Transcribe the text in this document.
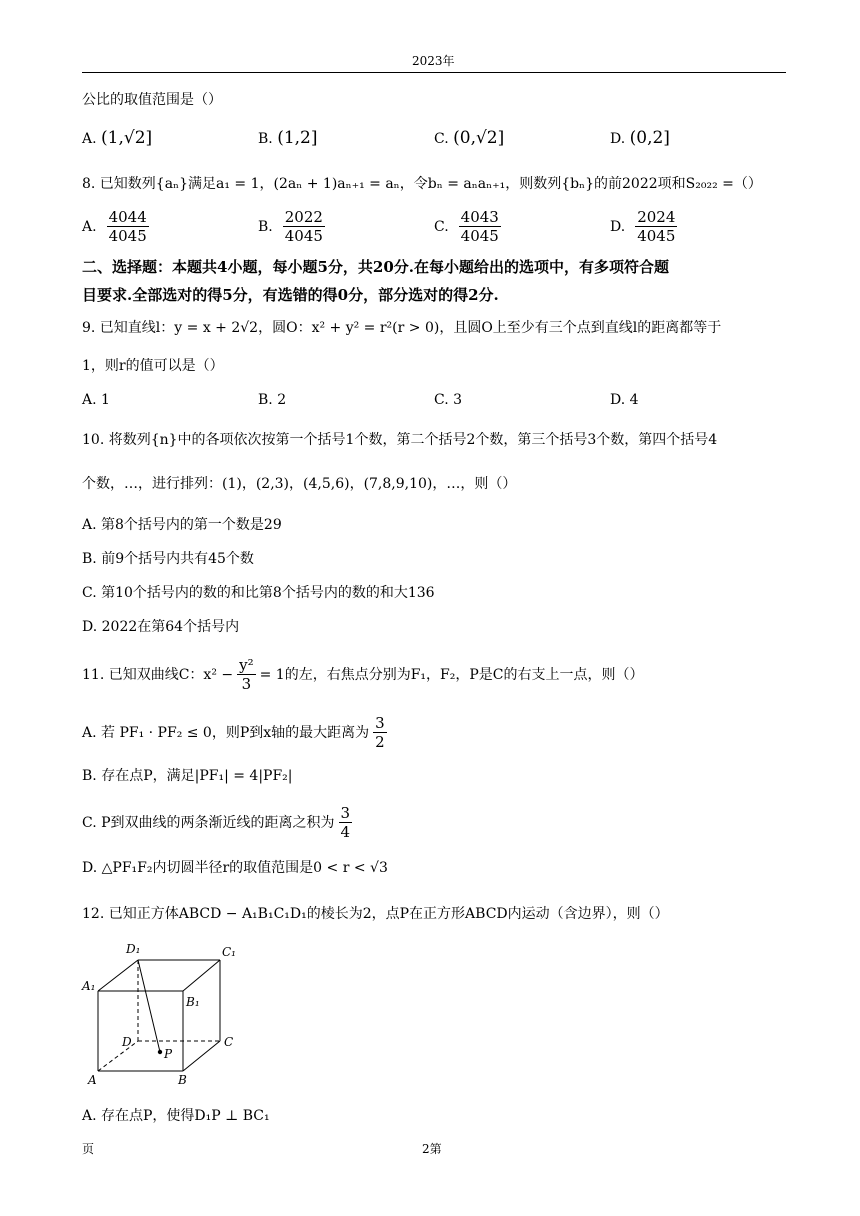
2023年
公比的取值范围是（）
A. (1,√2]	B. (1,2]	C. (0,√2]	D. (0,2]
8. 已知数列{aₙ}满足a₁ = 1，(2aₙ + 1)aₙ₊₁ = aₙ，令bₙ = aₙaₙ₊₁，则数列{bₙ}的前2022项和S₂₀₂₂ =（）
A. $\frac{4044}{4045}$	B. $\frac{2022}{4045}$	C. $\frac{4043}{4045}$	D. $\frac{2024}{4045}$
二、选择题：本题共4小题，每小题5分，共20分.在每小题给出的选项中，有多项符合题
目要求.全部选对的得5分，有选错的得0分，部分选对的得2分.
9. 已知直线l：y = x + 2√2，圆O：x² + y² = r²(r > 0)，且圆O上至少有三个点到直线l的距离都等于
1，则r的值可以是（）
A. 1	B. 2	C. 3	D. 4
10. 将数列{n}中的各项依次按第一个括号1个数，第二个括号2个数，第三个括号3个数，第四个括号4
个数，…，进行排列：(1)，(2,3)，(4,5,6)，(7,8,9,10)，…，则（）
A. 第8个括号内的第一个数是29
B. 前9个括号内共有45个数
C. 第10个括号内的数的和比第8个括号内的数的和大136
D. 2022在第64个括号内
11. 已知双曲线C：$x^2 - \frac{\text{y²}}{3} = 1$的左，右焦点分别为F₁，F₂，P是C的右支上一点，则（）
A. 若 PF₁ · PF₂ ≤ 0，则P到x轴的最大距离为 $\frac{3}{2}$
B. 存在点P，满足|PF₁| = 4|PF₂|
C. P到双曲线的两条渐近线的距离之积为 $\frac{3}{4}$
D. △PF₁F₂内切圆半径r的取值范围是0 < r < √3
12. 已知正方体ABCD − A₁B₁C₁D₁的棱长为2，点P在正方形ABCD内运动（含边界），则（）
D₁	C₁
A₁
B₁
D	C
P
A	B
A. 存在点P，使得D₁P ⊥ BC₁
页	2第
